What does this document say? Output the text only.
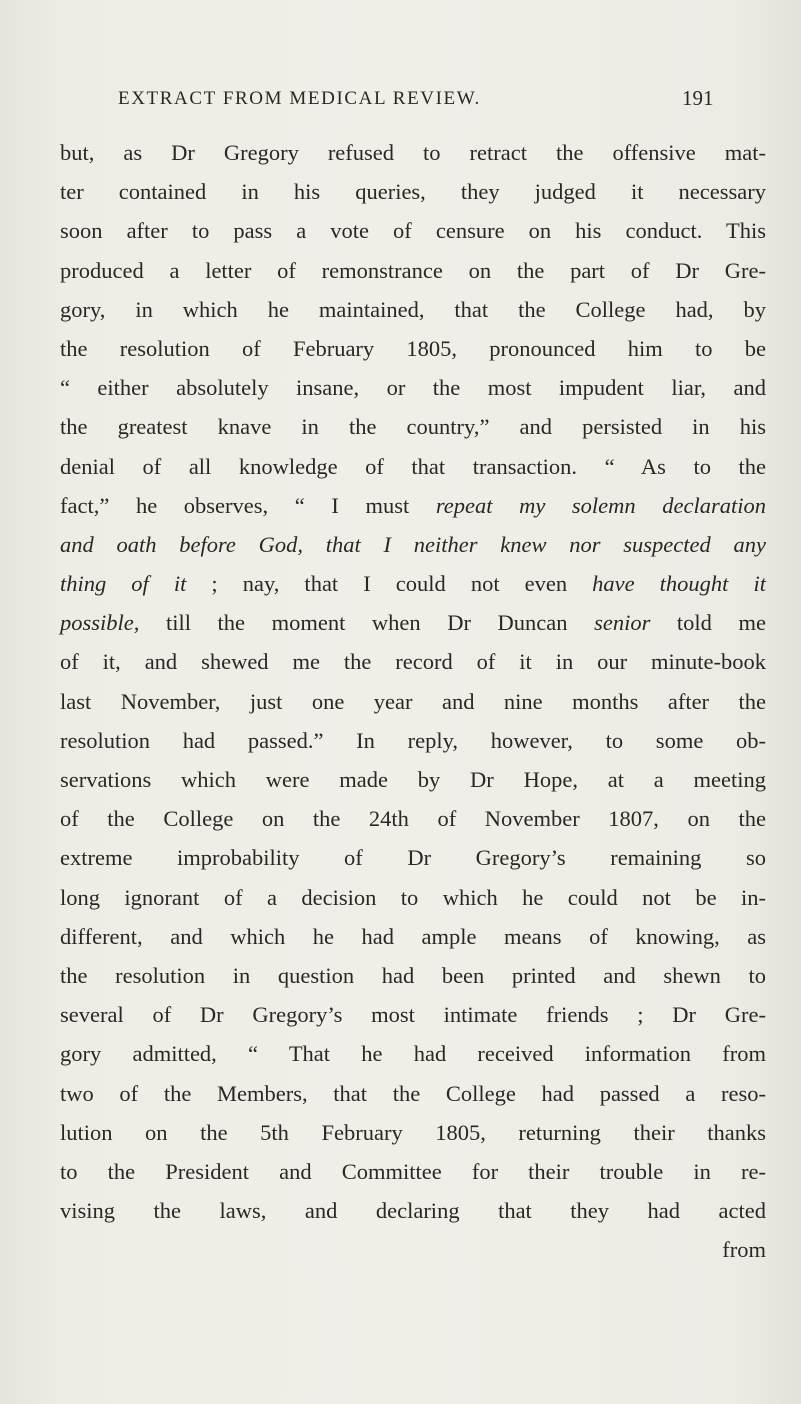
EXTRACT FROM MEDICAL REVIEW.	191
but, as Dr Gregory refused to retract the offensive mat-
ter contained in his queries, they judged it necessary
soon after to pass a vote of censure on his conduct. This
produced a letter of remonstrance on the part of Dr Gre-
gory, in which he maintained, that the College had, by
the resolution of February 1805, pronounced him to be
“ either absolutely insane, or the most impudent liar, and
the greatest knave in the country,” and persisted in his
denial of all knowledge of that transaction. “ As to the
fact,” he observes, “ I must repeat my solemn declaration
and oath before God, that I neither knew nor suspected any
thing of it ; nay, that I could not even have thought it
possible, till the moment when Dr Duncan senior told me
of it, and shewed me the record of it in our minute-book
last November, just one year and nine months after the
resolution had passed.” In reply, however, to some ob-
servations which were made by Dr Hope, at a meeting
of the College on the 24th of November 1807, on the
extreme improbability of Dr Gregory’s remaining so
long ignorant of a decision to which he could not be in-
different, and which he had ample means of knowing, as
the resolution in question had been printed and shewn to
several of Dr Gregory’s most intimate friends ; Dr Gre-
gory admitted, “ That he had received information from
two of the Members, that the College had passed a reso-
lution on the 5th February 1805, returning their thanks
to the President and Committee for their trouble in re-
vising the laws, and declaring that they had acted
from
